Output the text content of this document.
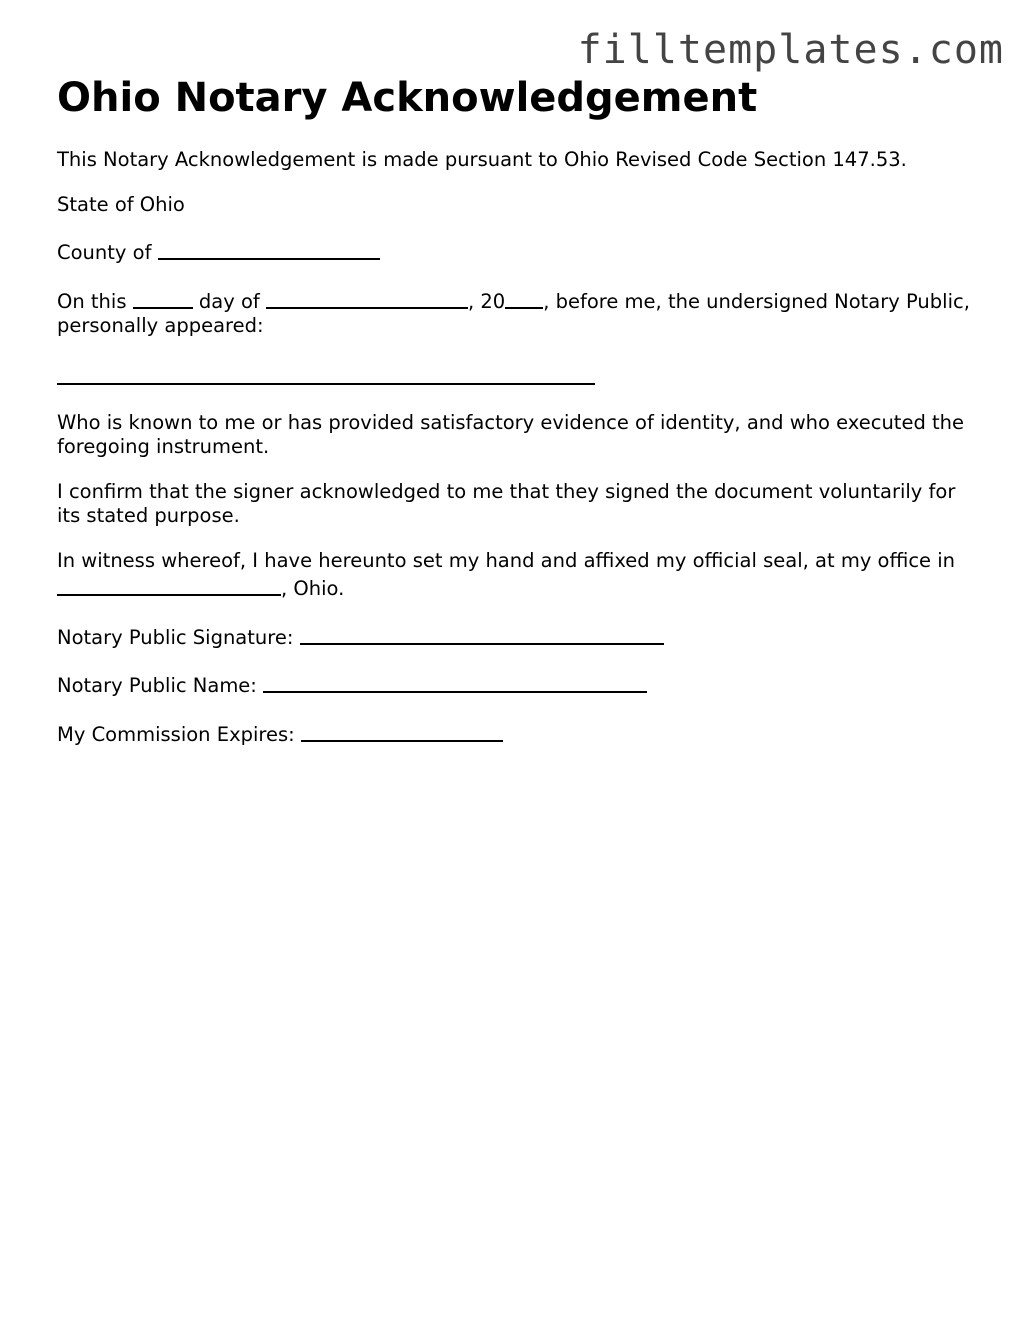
filltemplates.com
Ohio Notary Acknowledgement

This Notary Acknowledgement is made pursuant to Ohio Revised Code Section 147.53.

State of Ohio

County of

On this	day of	, 20 , before me, the undersigned Notary Public, personally appeared:

Who is known to me or has provided satisfactory evidence of identity, and who executed the foregoing instrument.

I confirm that the signer acknowledged to me that they signed the document voluntarily for its stated purpose.

In witness whereof, I have hereunto set my hand and affixed my official seal, at my office in , Ohio.

Notary Public Signature:

Notary Public Name:

My Commission Expires:
